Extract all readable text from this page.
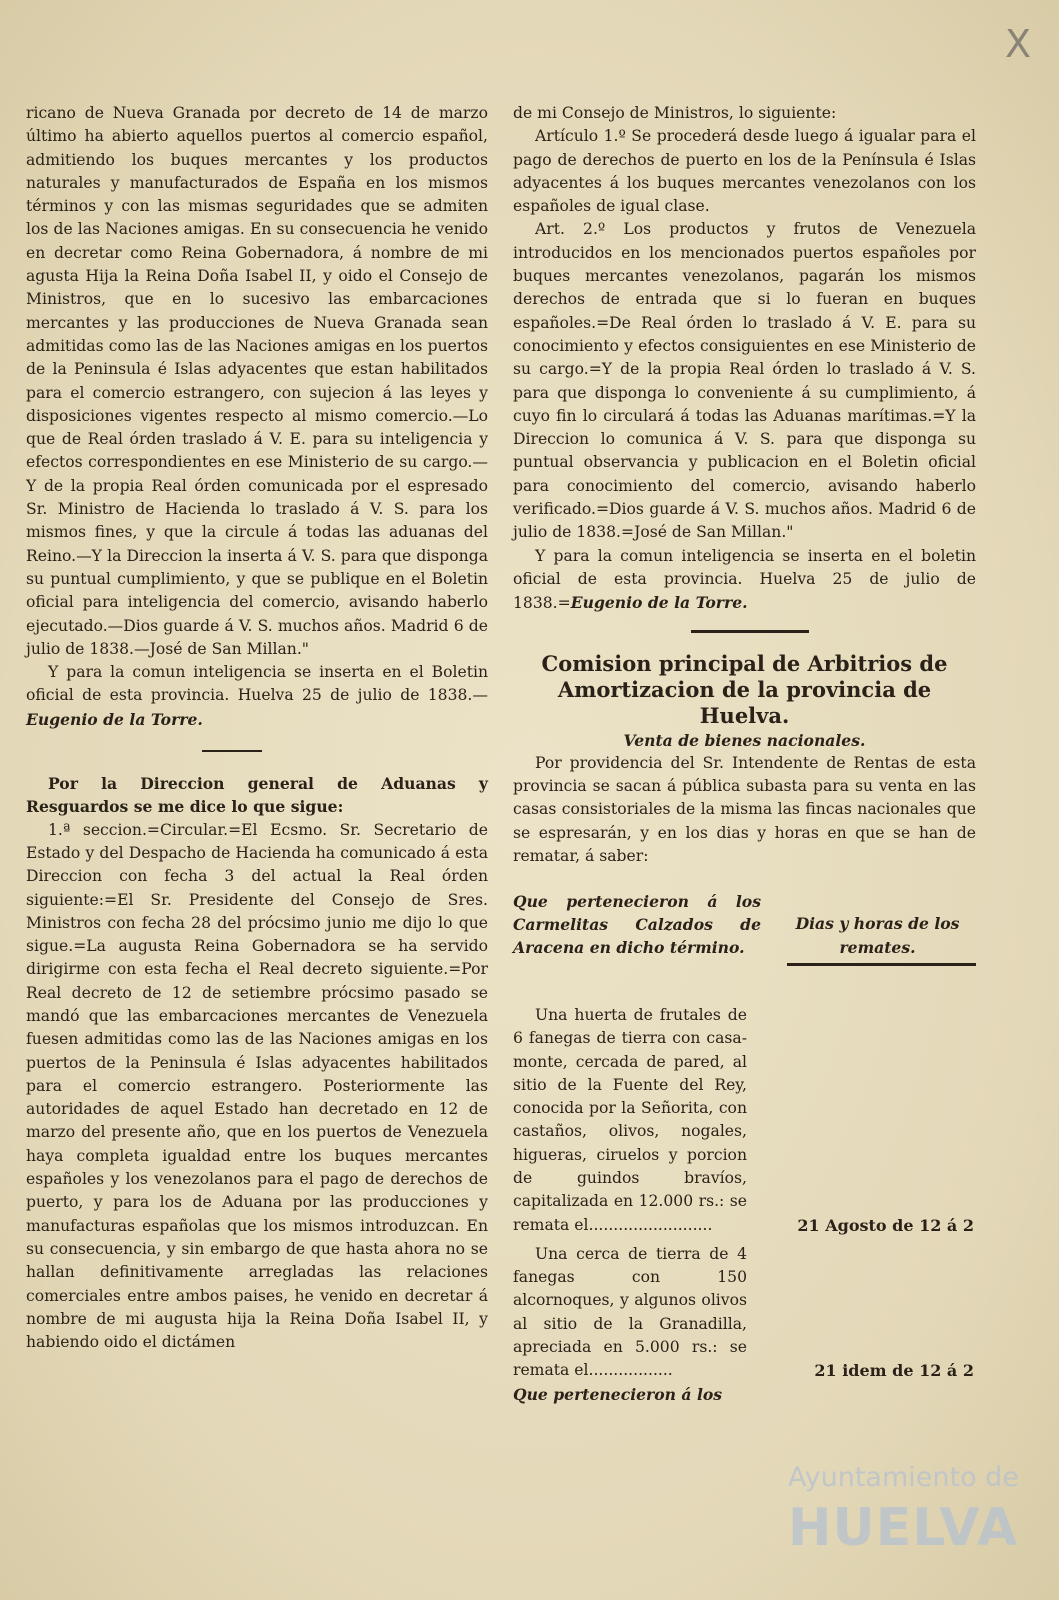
X

ricano de Nueva Granada por decreto de 14 de marzo último ha abierto aquellos puertos al comercio español, admitiendo los buques mercantes y los productos naturales y manufacturados de España en los mismos términos y con las mismas seguridades que se admiten los de las Naciones amigas. En su consecuencia he venido en decretar como Reina Gobernadora, á nombre de mi agusta Hija la Reina Doña Isabel II, y oido el Consejo de Ministros, que en lo sucesivo las embarcaciones mercantes y las producciones de Nueva Granada sean admitidas como las de las Naciones amigas en los puertos de la Peninsula é Islas adyacentes que estan habilitados para el comercio estrangero, con sujecion á las leyes y disposiciones vigentes respecto al mismo comercio.—Lo que de Real órden traslado á V. E. para su inteligencia y efectos correspondientes en ese Ministerio de su cargo.—Y de la propia Real órden comunicada por el espresado Sr. Ministro de Hacienda lo traslado á V. S. para los mismos fines, y que la circule á todas las aduanas del Reino.—Y la Direccion la inserta á V. S. para que disponga su puntual cumplimiento, y que se publique en el Boletin oficial para inteligencia del comercio, avisando haberlo ejecutado.—Dios guarde á V. S. muchos años. Madrid 6 de julio de 1838.—José de San Millan."

Y para la comun inteligencia se inserta en el Boletin oficial de esta provincia. Huelva 25 de julio de 1838.—Eugenio de la Torre.

Por la Direccion general de Aduanas y Resguardos se me dice lo que sigue:

1.ª seccion.=Circular.=El Ecsmo. Sr. Secretario de Estado y del Despacho de Hacienda ha comunicado á esta Direccion con fecha 3 del actual la Real órden siguiente:=El Sr. Presidente del Consejo de Sres. Ministros con fecha 28 del prócsimo junio me dijo lo que sigue.=La augusta Reina Gobernadora se ha servido dirigirme con esta fecha el Real decreto siguiente.=Por Real decreto de 12 de setiembre prócsimo pasado se mandó que las embarcaciones mercantes de Venezuela fuesen admitidas como las de las Naciones amigas en los puertos de la Peninsula é Islas adyacentes habilitados para el comercio estrangero. Posteriormente las autoridades de aquel Estado han decretado en 12 de marzo del presente año, que en los puertos de Venezuela haya completa igualdad entre los buques mercantes españoles y los venezolanos para el pago de derechos de puerto, y para los de Aduana por las producciones y manufacturas españolas que los mismos introduzcan. En su consecuencia, y sin embargo de que hasta ahora no se hallan definitivamente arregladas las relaciones comerciales entre ambos paises, he venido en decretar á nombre de mi augusta hija la Reina Doña Isabel II, y habiendo oido el dictámen

de mi Consejo de Ministros, lo siguiente:

Artículo 1.º Se procederá desde luego á igualar para el pago de derechos de puerto en los de la Península é Islas adyacentes á los buques mercantes venezolanos con los españoles de igual clase.

Art. 2.º Los productos y frutos de Venezuela introducidos en los mencionados puertos españoles por buques mercantes venezolanos, pagarán los mismos derechos de entrada que si lo fueran en buques españoles.=De Real órden lo traslado á V. E. para su conocimiento y efectos consiguientes en ese Ministerio de su cargo.=Y de la propia Real órden lo traslado á V. S. para que disponga lo conveniente á su cumplimiento, á cuyo fin lo circulará á todas las Aduanas marítimas.=Y la Direccion lo comunica á V. S. para que disponga su puntual observancia y publicacion en el Boletin oficial para conocimiento del comercio, avisando haberlo verificado.=Dios guarde á V. S. muchos años. Madrid 6 de julio de 1838.=José de San Millan."

Y para la comun inteligencia se inserta en el boletin oficial de esta provincia. Huelva 25 de julio de 1838.=Eugenio de la Torre.

Comision principal de Arbitrios de Amortizacion de la provincia de Huelva.

Venta de bienes nacionales.

Por providencia del Sr. Intendente de Rentas de esta provincia se sacan á pública subasta para su venta en las casas consistoriales de la misma las fincas nacionales que se espresarán, y en los dias y horas en que se han de rematar, á saber:

Que pertenecieron á los Carmelitas Calzados de Aracena en dicho término.
Dias y horas de los remates.
Una huerta de frutales de 6 fanegas de tierra con casa-monte, cercada de pared, al sitio de la Fuente del Rey, conocida por la Señorita, con castaños, olivos, nogales, higueras, ciruelos y porcion de guindos bravíos, capitalizada en 12.000 rs.: se remata el.........................	21 Agosto de 12 á 2
Una cerca de tierra de 4 fanegas con 150 alcornoques, y algunos olivos al sitio de la Granadilla, apreciada en 5.000 rs.: se remata el.................	21 idem de 12 á 2

Que pertenecieron á los

Ayuntamiento de
HUELVA
